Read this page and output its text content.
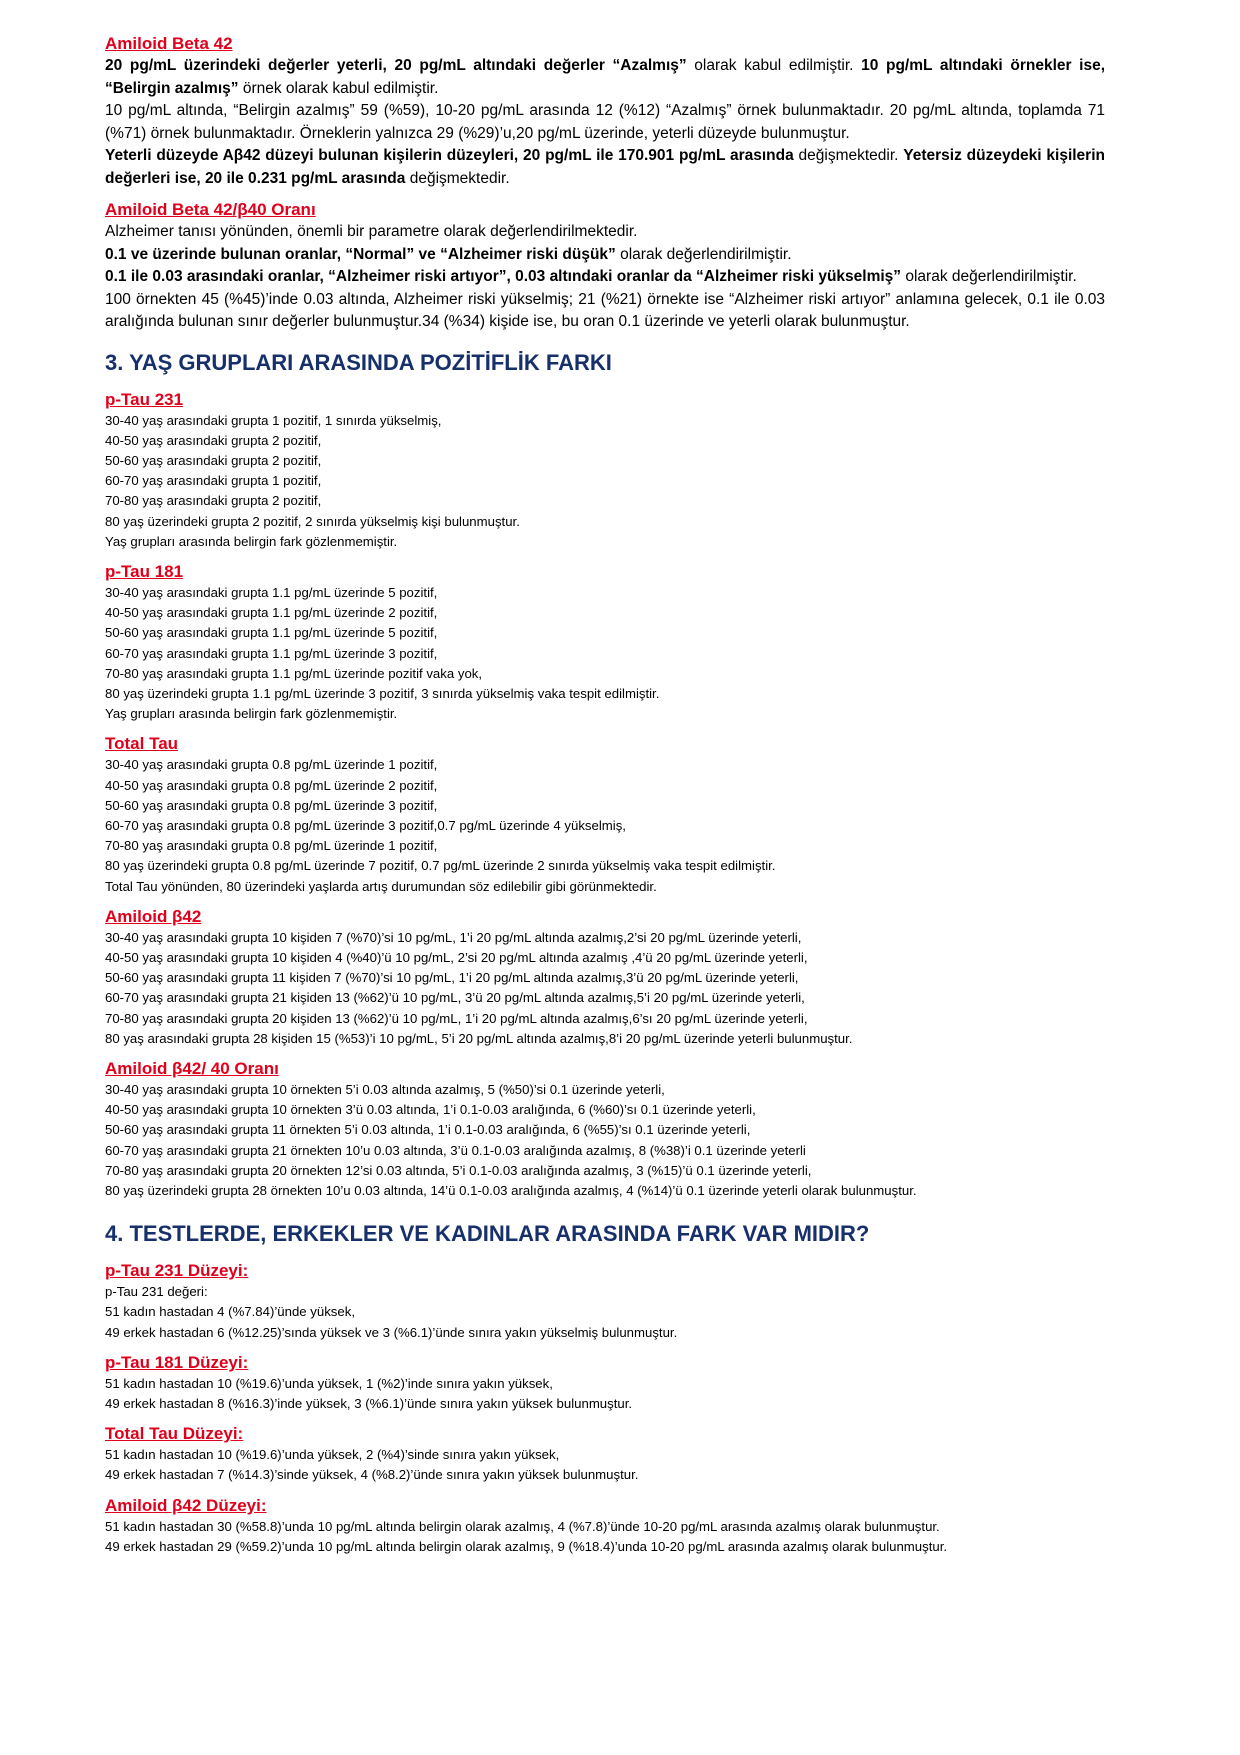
Amiloid Beta 42

20 pg/mL üzerindeki değerler yeterli, 20 pg/mL altındaki değerler “Azalmış” olarak kabul edilmiştir. 10 pg/mL altındaki örnekler ise, “Belirgin azalmış” örnek olarak kabul edilmiştir.

10 pg/mL altında, “Belirgin azalmış” 59 (%59), 10-20 pg/mL arasında 12 (%12) “Azalmış” örnek bulunmaktadır. 20 pg/mL altında, toplamda 71 (%71) örnek bulunmaktadır. Örneklerin yalnızca 29 (%29)’u,20 pg/mL üzerinde, yeterli düzeyde bulunmuştur.

Yeterli düzeyde Aβ42 düzeyi bulunan kişilerin düzeyleri, 20 pg/mL ile 170.901 pg/mL arasında değişmektedir. Yetersiz düzeydeki kişilerin değerleri ise, 20 ile 0.231 pg/mL arasında değişmektedir.

Amiloid Beta 42/β40 Oranı

Alzheimer tanısı yönünden, önemli bir parametre olarak değerlendirilmektedir.

0.1 ve üzerinde bulunan oranlar, “Normal” ve “Alzheimer riski düşük” olarak değerlendirilmiştir.

0.1 ile 0.03 arasındaki oranlar, “Alzheimer riski artıyor”, 0.03 altındaki oranlar da “Alzheimer riski yükselmiş” olarak değerlendirilmiştir.

100 örnekten 45 (%45)’inde 0.03 altında, Alzheimer riski yükselmiş; 21 (%21) örnekte ise “Alzheimer riski artıyor” anlamına gelecek, 0.1 ile 0.03 aralığında bulunan sınır değerler bulunmuştur.34 (%34) kişide ise, bu oran 0.1 üzerinde ve yeterli olarak bulunmuştur.

3. YAŞ GRUPLARI ARASINDA POZİTİFLİK FARKI

p-Tau 231

30-40 yaş arasındaki grupta 1 pozitif, 1 sınırda yükselmiş,

40-50 yaş arasındaki grupta 2 pozitif,

50-60 yaş arasındaki grupta 2 pozitif,

60-70 yaş arasındaki grupta 1 pozitif,

70-80 yaş arasındaki grupta 2 pozitif,

80 yaş üzerindeki grupta 2 pozitif, 2 sınırda yükselmiş kişi bulunmuştur.

Yaş grupları arasında belirgin fark gözlenmemiştir.

p-Tau 181

30-40 yaş arasındaki grupta 1.1 pg/mL üzerinde 5 pozitif,

40-50 yaş arasındaki grupta 1.1 pg/mL üzerinde 2 pozitif,

50-60 yaş arasındaki grupta 1.1 pg/mL üzerinde 5 pozitif,

60-70 yaş arasındaki grupta 1.1 pg/mL üzerinde 3 pozitif,

70-80 yaş arasındaki grupta 1.1 pg/mL üzerinde pozitif vaka yok,

80 yaş üzerindeki grupta 1.1 pg/mL üzerinde 3 pozitif, 3 sınırda yükselmiş vaka tespit edilmiştir.

Yaş grupları arasında belirgin fark gözlenmemiştir.

Total Tau

30-40 yaş arasındaki grupta 0.8 pg/mL üzerinde 1 pozitif,

40-50 yaş arasındaki grupta 0.8 pg/mL üzerinde 2 pozitif,

50-60 yaş arasındaki grupta 0.8 pg/mL üzerinde 3 pozitif,

60-70 yaş arasındaki grupta 0.8 pg/mL üzerinde 3 pozitif,0.7 pg/mL üzerinde 4 yükselmiş,

70-80 yaş arasındaki grupta 0.8 pg/mL üzerinde 1 pozitif,

80 yaş üzerindeki grupta 0.8 pg/mL üzerinde 7 pozitif, 0.7 pg/mL üzerinde 2 sınırda yükselmiş vaka tespit edilmiştir.

Total Tau yönünden, 80 üzerindeki yaşlarda artış durumundan söz edilebilir gibi görünmektedir.

Amiloid β42

30-40 yaş arasındaki grupta 10 kişiden 7 (%70)’si 10 pg/mL, 1’i 20 pg/mL altında azalmış,2’si 20 pg/mL üzerinde yeterli,

40-50 yaş arasındaki grupta 10 kişiden 4 (%40)’ü 10 pg/mL, 2’si 20 pg/mL altında azalmış ,4’ü 20 pg/mL üzerinde yeterli,

50-60 yaş arasındaki grupta 11 kişiden 7 (%70)’si 10 pg/mL, 1’i 20 pg/mL altında azalmış,3’ü 20 pg/mL üzerinde yeterli,

60-70 yaş arasındaki grupta 21 kişiden 13 (%62)’ü 10 pg/mL, 3’ü 20 pg/mL altında azalmış,5’i 20 pg/mL üzerinde yeterli,

70-80 yaş arasındaki grupta 20 kişiden 13 (%62)’ü 10 pg/mL, 1’i 20 pg/mL altında azalmış,6’sı 20 pg/mL üzerinde yeterli,

80 yaş arasındaki grupta 28 kişiden 15 (%53)’i 10 pg/mL, 5’i 20 pg/mL altında azalmış,8’i 20 pg/mL üzerinde yeterli bulunmuştur.

Amiloid β42/ 40 Oranı

30-40 yaş arasındaki grupta 10 örnekten 5’i 0.03 altında azalmış, 5 (%50)’si 0.1 üzerinde yeterli,

40-50 yaş arasındaki grupta 10 örnekten 3’ü 0.03 altında, 1’i 0.1-0.03 aralığında, 6 (%60)’sı 0.1 üzerinde yeterli,

50-60 yaş arasındaki grupta 11 örnekten 5’i 0.03 altında, 1’i 0.1-0.03 aralığında, 6 (%55)’sı 0.1 üzerinde yeterli,

60-70 yaş arasındaki grupta 21 örnekten 10’u 0.03 altında, 3’ü 0.1-0.03 aralığında azalmış, 8 (%38)’i 0.1 üzerinde yeterli

70-80 yaş arasındaki grupta 20 örnekten 12’si 0.03 altında, 5’i 0.1-0.03 aralığında azalmış, 3 (%15)’ü 0.1 üzerinde yeterli,

80 yaş üzerindeki grupta 28 örnekten 10’u 0.03 altında, 14’ü 0.1-0.03 aralığında azalmış, 4 (%14)’ü 0.1 üzerinde yeterli olarak bulunmuştur.

4. TESTLERDE, ERKEKLER VE KADINLAR ARASINDA FARK VAR MIDIR?

p-Tau 231 Düzeyi:

p-Tau 231 değeri:

51 kadın hastadan 4 (%7.84)’ünde yüksek,

49 erkek hastadan 6 (%12.25)’sında yüksek ve 3 (%6.1)’ünde sınıra yakın yükselmiş bulunmuştur.

p-Tau 181 Düzeyi:

51 kadın hastadan 10 (%19.6)’unda yüksek, 1 (%2)’inde sınıra yakın yüksek,

49 erkek hastadan 8 (%16.3)’inde yüksek, 3 (%6.1)’ünde sınıra yakın yüksek bulunmuştur.

Total Tau Düzeyi:

51 kadın hastadan 10 (%19.6)’unda yüksek, 2 (%4)’sinde sınıra yakın yüksek,

49 erkek hastadan 7 (%14.3)’sinde yüksek, 4 (%8.2)’ünde sınıra yakın yüksek bulunmuştur.

Amiloid β42 Düzeyi:

51 kadın hastadan 30 (%58.8)’unda 10 pg/mL altında belirgin olarak azalmış, 4 (%7.8)’ünde 10-20 pg/mL arasında azalmış olarak bulunmuştur.

49 erkek hastadan 29 (%59.2)’unda 10 pg/mL altında belirgin olarak azalmış, 9 (%18.4)’unda 10-20 pg/mL arasında azalmış olarak bulunmuştur.
